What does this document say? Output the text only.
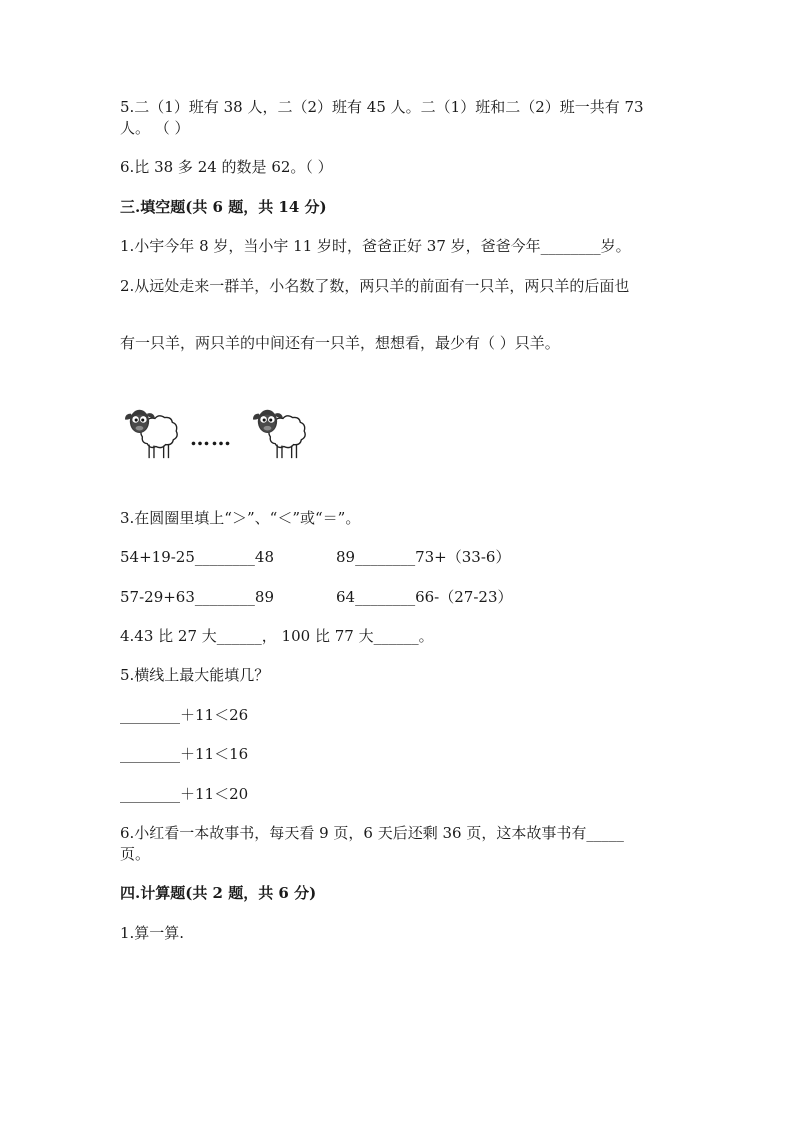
5.二（1）班有 38 人，二（2）班有 45 人。二（1）班和二（2）班一共有 73
人。 （ ）
6.比 38 多 24 的数是 62。（ ）
三.填空题(共 6 题，共 14 分)
1.小宇今年 8 岁，当小宇 11 岁时，爸爸正好 37 岁，爸爸今年________岁。
2.从远处走来一群羊，小名数了数，两只羊的前面有一只羊，两只羊的后面也
有一只羊，两只羊的中间还有一只羊，想想看，最少有（ ）只羊。
……
3.在圆圈里填上“＞”、“＜”或“＝”。
54+19-25________48	89________73+（33-6）
57-29+63________89	64________66-（27-23）
4.43 比 27 大______， 100 比 77 大______。
5.横线上最大能填几？
________＋11＜26
________＋11＜16
________＋11＜20
6.小红看一本故事书，每天看 9 页，6 天后还剩 36 页，这本故事书有_____
页。
四.计算题(共 2 题，共 6 分)
1.算一算.
